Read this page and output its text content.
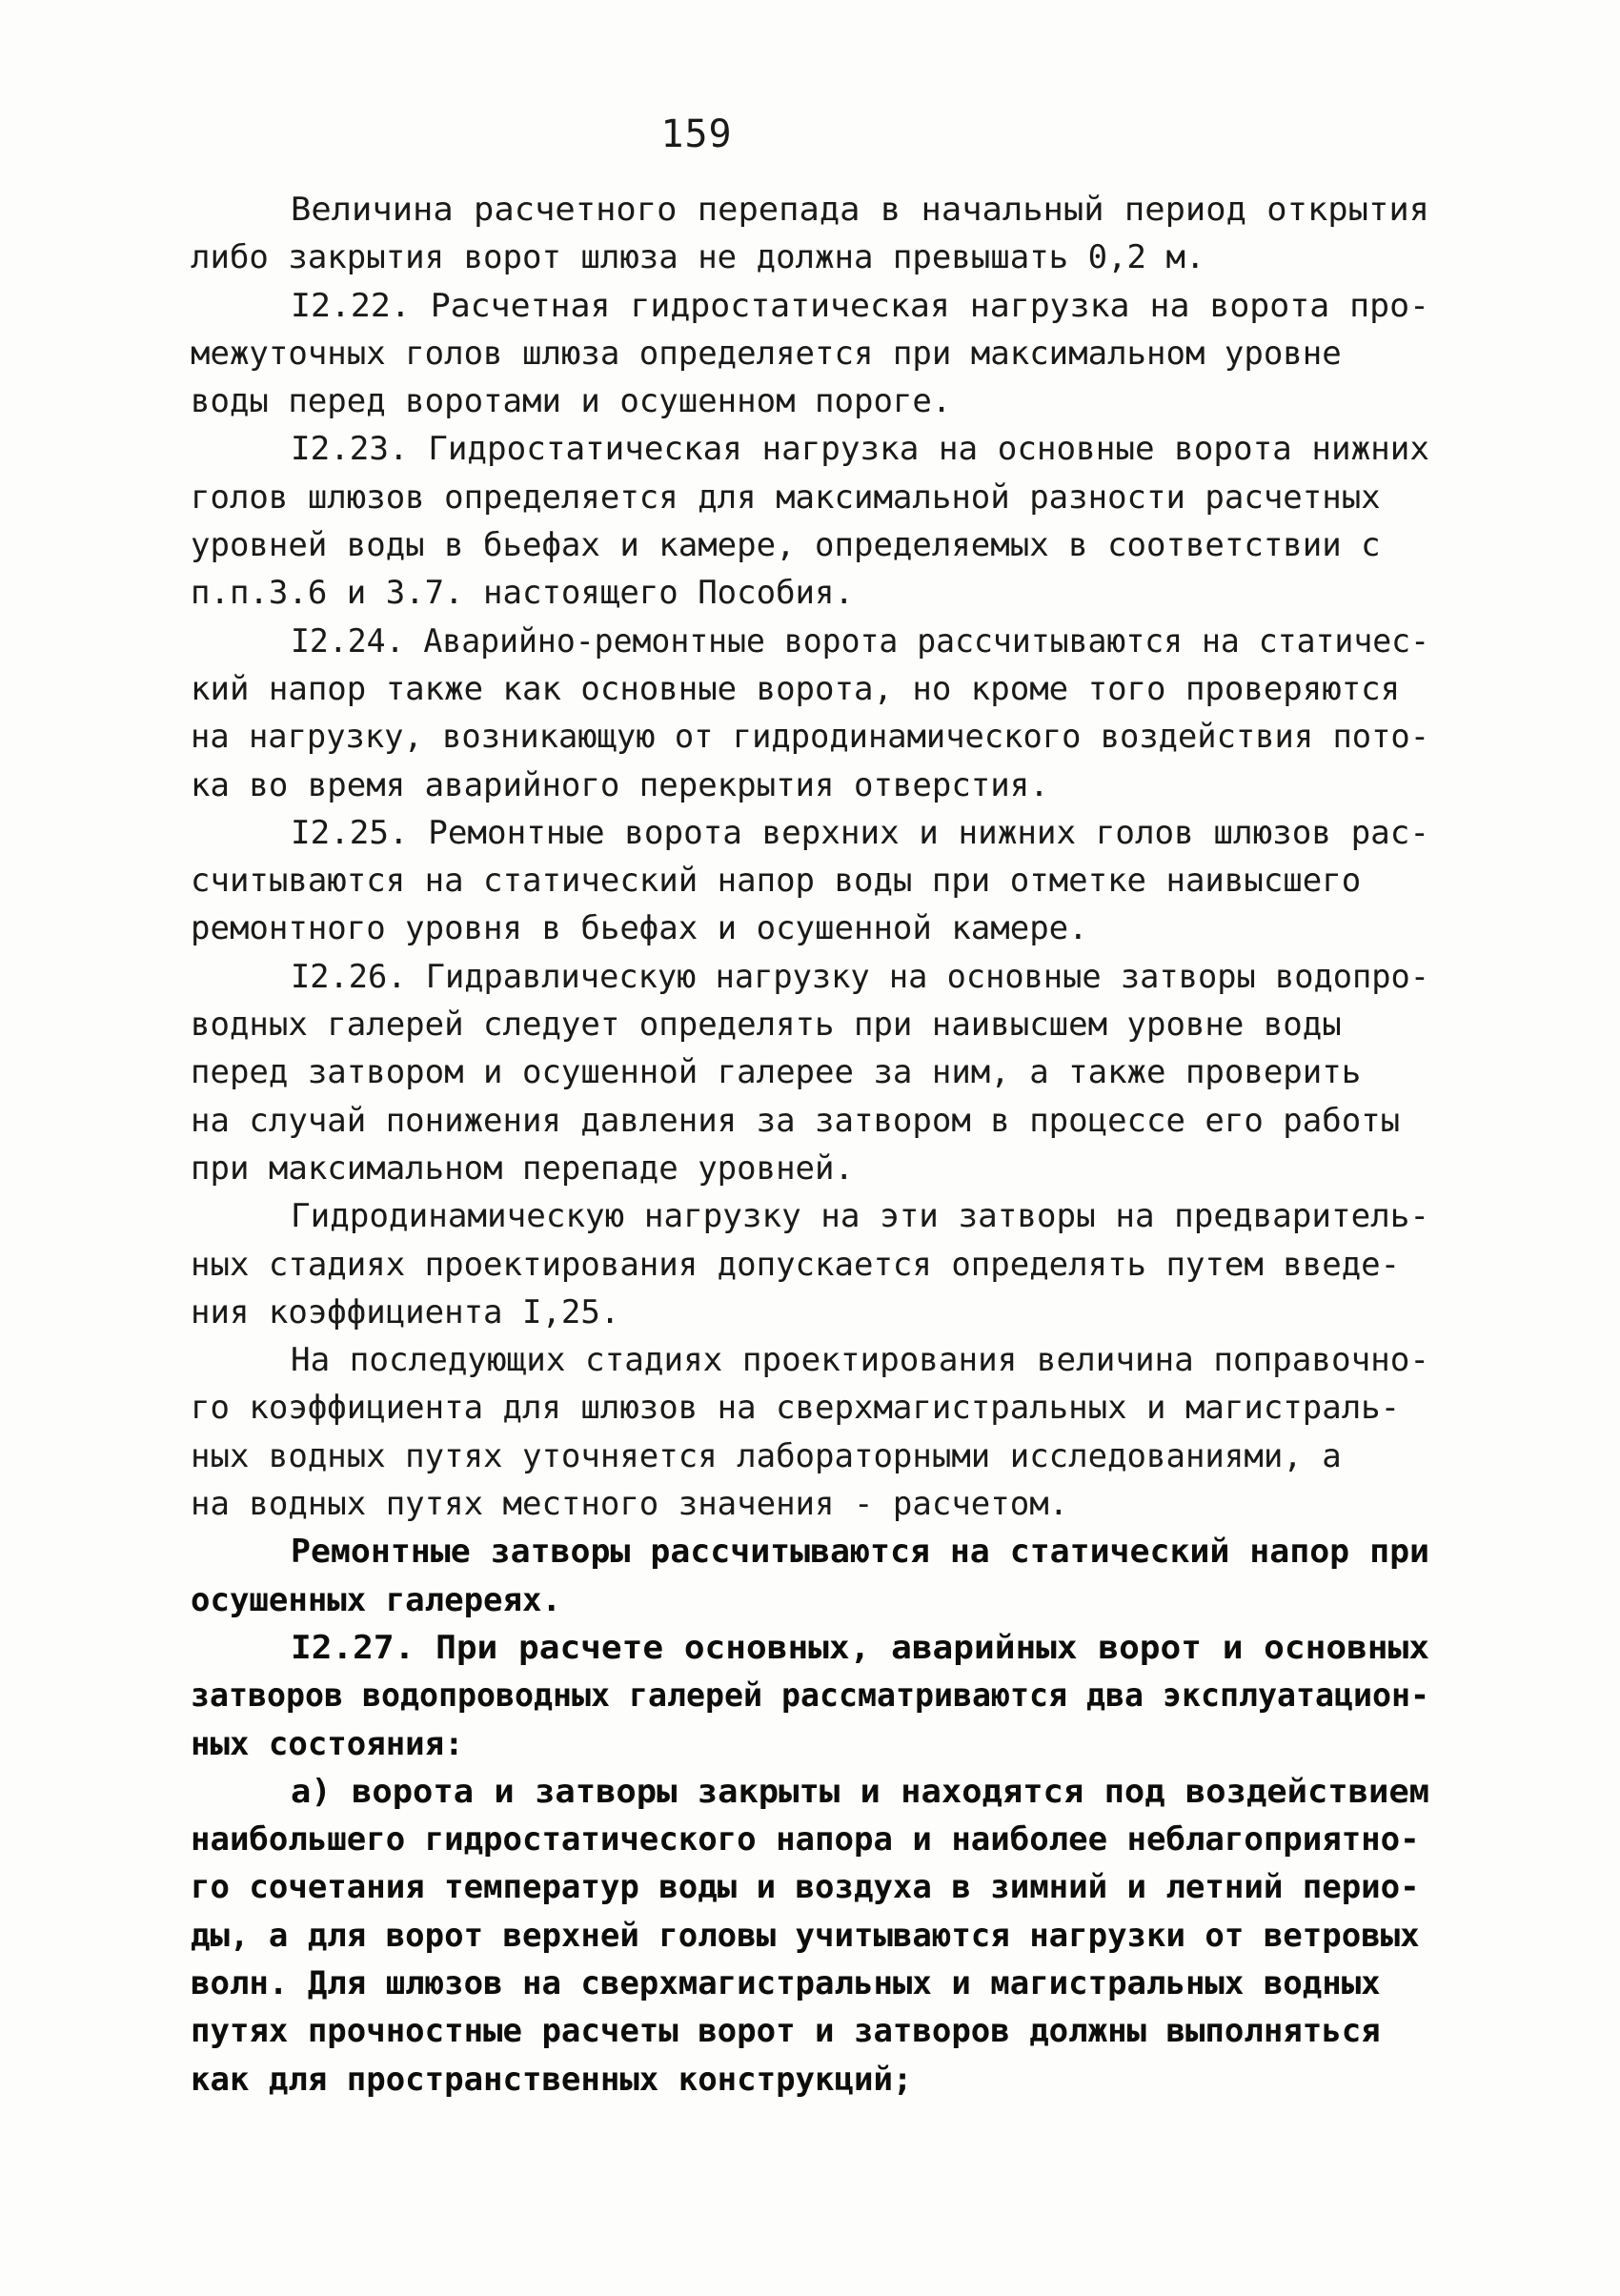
159
Величина расчетного перепада в начальный период открытия
либо закрытия ворот шлюза не должна превышать 0,2 м.
I2.22. Расчетная гидростатическая нагрузка на ворота про-
межуточных голов шлюза определяется при максимальном уровне
воды перед воротами и осушенном пороге.
I2.23. Гидростатическая нагрузка на основные ворота нижних
голов шлюзов определяется для максимальной разности расчетных
уровней воды в бьефах и камере, определяемых в соответствии с
п.п.3.6 и 3.7. настоящего Пособия.
I2.24. Аварийно-ремонтные ворота рассчитываются на статичес-
кий напор также как основные ворота, но кроме того проверяются
на нагрузку, возникающую от гидродинамического воздействия пото-
ка во время аварийного перекрытия отверстия.
I2.25. Ремонтные ворота верхних и нижних голов шлюзов рас-
считываются на статический напор воды при отметке наивысшего
ремонтного уровня в бьефах и осушенной камере.
I2.26. Гидравлическую нагрузку на основные затворы водопро-
водных галерей следует определять при наивысшем уровне воды
перед затвором и осушенной галерее за ним, а также проверить
на случай понижения давления за затвором в процессе его работы
при максимальном перепаде уровней.
Гидродинамическую нагрузку на эти затворы на предваритель-
ных стадиях проектирования допускается определять путем введе-
ния коэффициента I,25.
На последующих стадиях проектирования величина поправочно-
го коэффициента для шлюзов на сверхмагистральных и магистраль-
ных водных путях уточняется лабораторными исследованиями, а
на водных путях местного значения - расчетом.
Ремонтные затворы рассчитываются на статический напор при
осушенных галереях.
I2.27. При расчете основных, аварийных ворот и основных
затворов водопроводных галерей рассматриваются два эксплуатацион-
ных состояния:
а) ворота и затворы закрыты и находятся под воздействием
наибольшего гидростатического напора и наиболее неблагоприятно-
го сочетания температур воды и воздуха в зимний и летний перио-
ды, а для ворот верхней головы учитываются нагрузки от ветровых
волн. Для шлюзов на сверхмагистральных и магистральных водных
путях прочностные расчеты ворот и затворов должны выполняться
как для пространственных конструкций;
